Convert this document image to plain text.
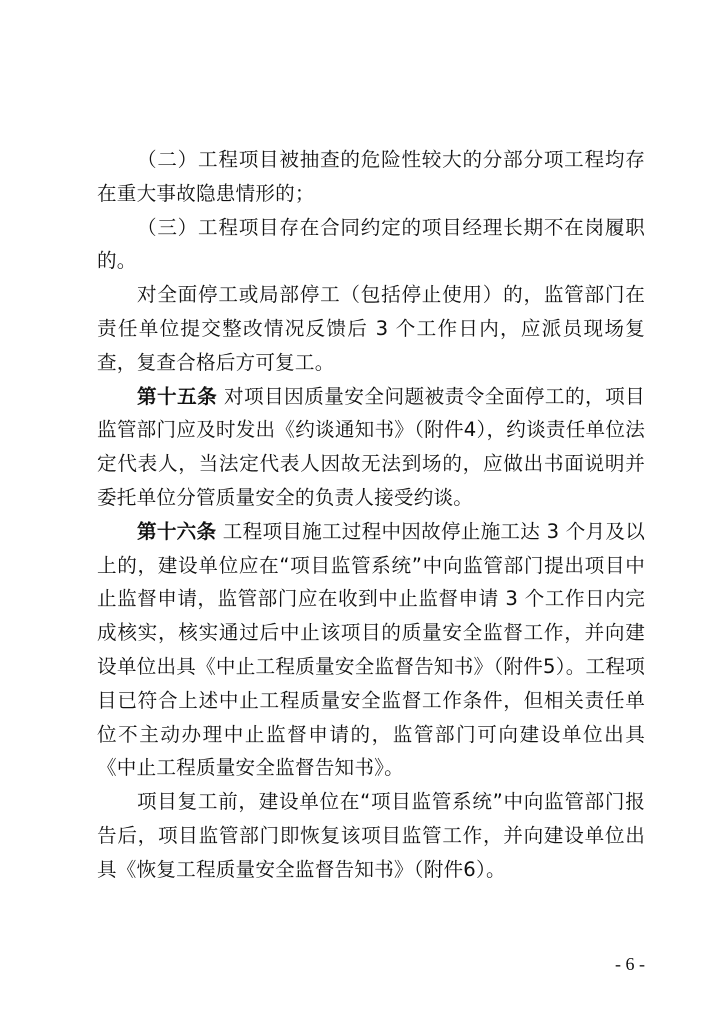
（二）工程项目被抽查的危险性较大的分部分项工程均存在重大事故隐患情形的；

（三）工程项目存在合同约定的项目经理长期不在岗履职的。

对全面停工或局部停工（包括停止使用）的，监管部门在责任单位提交整改情况反馈后 3 个工作日内，应派员现场复查，复查合格后方可复工。

第十五条 对项目因质量安全问题被责令全面停工的，项目监管部门应及时发出《约谈通知书》（附件4），约谈责任单位法定代表人，当法定代表人因故无法到场的，应做出书面说明并委托单位分管质量安全的负责人接受约谈。

第十六条 工程项目施工过程中因故停止施工达 3 个月及以上的，建设单位应在“项目监管系统”中向监管部门提出项目中止监督申请，监管部门应在收到中止监督申请 3 个工作日内完成核实，核实通过后中止该项目的质量安全监督工作，并向建设单位出具《中止工程质量安全监督告知书》（附件5）。工程项目已符合上述中止工程质量安全监督工作条件，但相关责任单位不主动办理中止监督申请的，监管部门可向建设单位出具《中止工程质量安全监督告知书》。

项目复工前，建设单位在“项目监管系统”中向监管部门报告后，项目监管部门即恢复该项目监管工作，并向建设单位出具《恢复工程质量安全监督告知书》（附件6）。

- 6 -
